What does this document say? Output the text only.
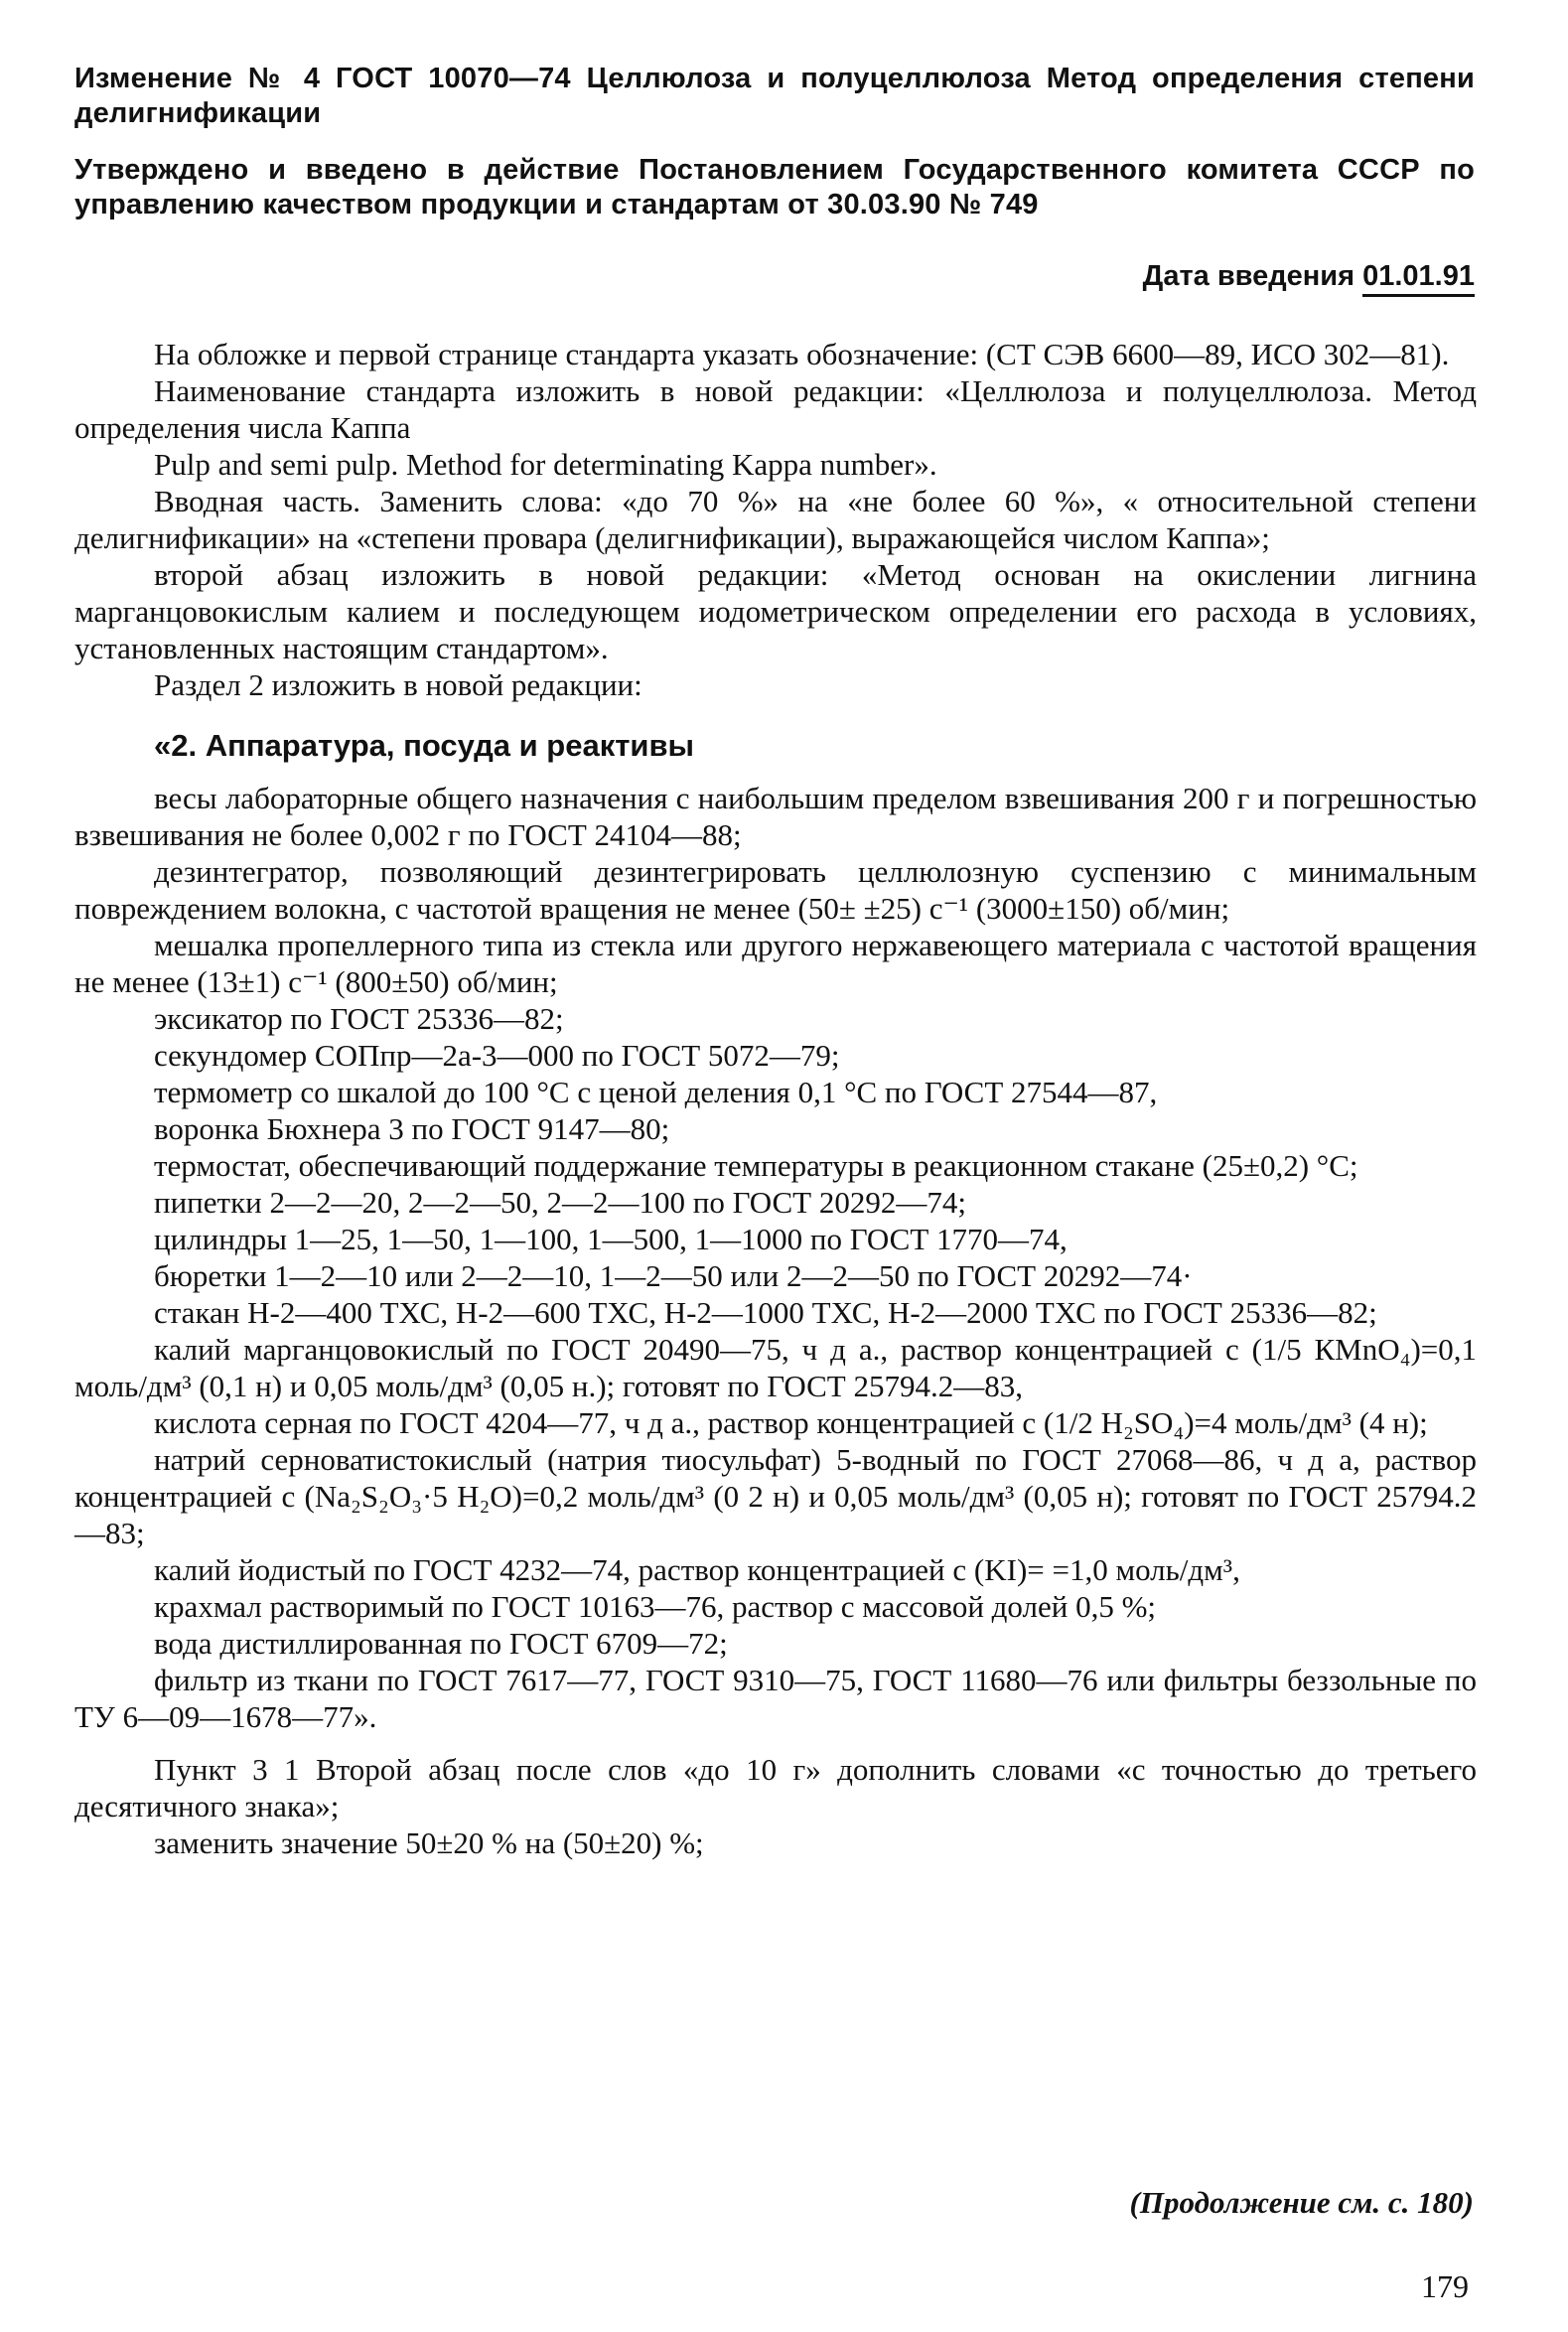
Изменение № 4 ГОСТ 10070—74 Целлюлоза и полуцеллюлоза Метод определения степени делигнификации

Утверждено и введено в действие Постановлением Государственного комитета СССР по управлению качеством продукции и стандартам от 30.03.90 № 749

Дата введения 01.01.91

На обложке и первой странице стандарта указать обозначение: (СТ СЭВ 6600—89, ИСО 302—81).

Наименование стандарта изложить в новой редакции: «Целлюлоза и полуцеллюлоза. Метод определения числа Каппа

Pulp and semi pulp. Method for determinating Kappa number».

Вводная часть. Заменить слова: «до 70 %» на «не более 60 %», « относительной степени делигнификации» на «степени провара (делигнификации), выражающейся числом Каппа»;

второй абзац изложить в новой редакции: «Метод основан на окислении лигнина марганцовокислым калием и последующем иодометрическом определении его расхода в условиях, установленных настоящим стандартом».

Раздел 2 изложить в новой редакции:

«2. Аппаратура, посуда и реактивы

весы лабораторные общего назначения с наибольшим пределом взвешивания 200 г и погрешностью взвешивания не более 0,002 г по ГОСТ 24104—88;

дезинтегратор, позволяющий дезинтегрировать целлюлозную суспензию с минимальным повреждением волокна, с частотой вращения не менее (50± ±25) с⁻¹ (3000±150) об/мин;

мешалка пропеллерного типа из стекла или другого нержавеющего материала с частотой вращения не менее (13±1) с⁻¹ (800±50) об/мин;

эксикатор по ГОСТ 25336—82;

секундомер СОПпр—2а-3—000 по ГОСТ 5072—79;

термометр со шкалой до 100 °С с ценой деления 0,1 °С по ГОСТ 27544—87,

воронка Бюхнера 3 по ГОСТ 9147—80;

термостат, обеспечивающий поддержание температуры в реакционном стакане (25±0,2) °С;

пипетки 2—2—20, 2—2—50, 2—2—100 по ГОСТ 20292—74;

цилиндры 1—25, 1—50, 1—100, 1—500, 1—1000 по ГОСТ 1770—74,

бюретки 1—2—10 или 2—2—10, 1—2—50 или 2—2—50 по ГОСТ 20292—74·

стакан Н-2—400 ТХС, Н-2—600 ТХС, Н-2—1000 ТХС, Н-2—2000 ТХС по ГОСТ 25336—82;

калий марганцовокислый по ГОСТ 20490—75, ч д а., раствор концентрацией с (1/5 КМnО₄)=0,1 моль/дм³ (0,1 н) и 0,05 моль/дм³ (0,05 н.); готовят по ГОСТ 25794.2—83,

кислота серная по ГОСТ 4204—77, ч д а., раствор концентрацией с (1/2 Н₂SO₄)=4 моль/дм³ (4 н);

натрий серноватистокислый (натрия тиосульфат) 5-водный по ГОСТ 27068—86, ч д а, раствор концентрацией с (Na₂S₂O₃·5 Н₂О)=0,2 моль/дм³ (0 2 н) и 0,05 моль/дм³ (0,05 н); готовят по ГОСТ 25794.2—83;

калий йодистый по ГОСТ 4232—74, раствор концентрацией с (KI)= =1,0 моль/дм³,

крахмал растворимый по ГОСТ 10163—76, раствор с массовой долей 0,5 %;

вода дистиллированная по ГОСТ 6709—72;

фильтр из ткани по ГОСТ 7617—77, ГОСТ 9310—75, ГОСТ 11680—76 или фильтры беззольные по ТУ 6—09—1678—77».

Пункт 3 1 Второй абзац после слов «до 10 г» дополнить словами «с точностью до третьего десятичного знака»;

заменить значение 50±20 % на (50±20) %;

(Продолжение см. с. 180)
179
